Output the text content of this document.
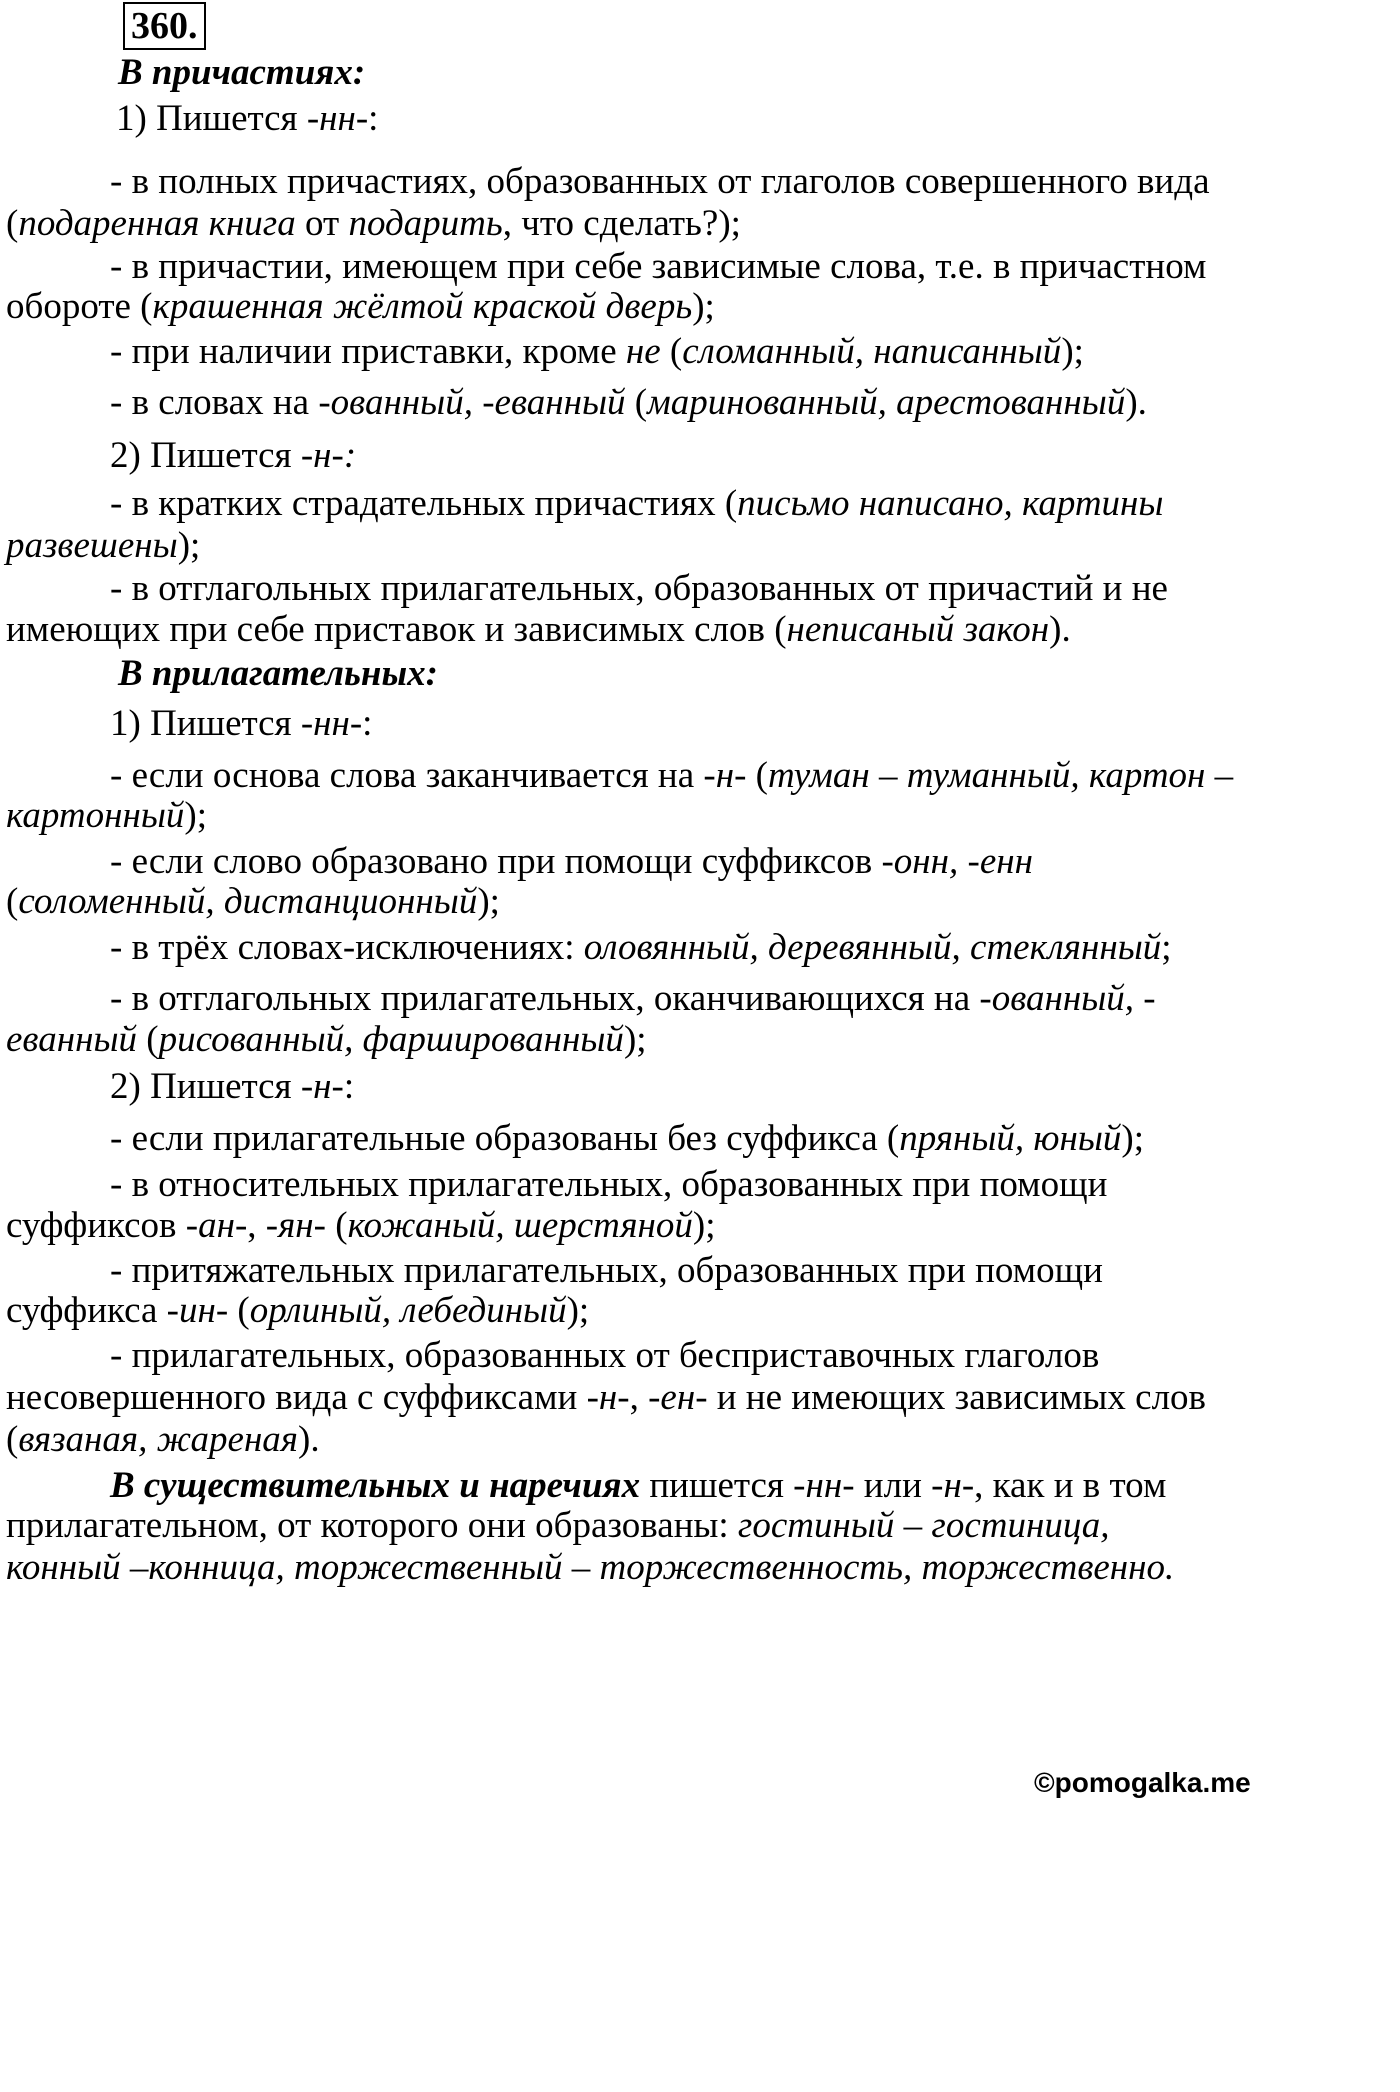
360.
В причастиях:
1) Пишется -нн-:
- в полных причастиях, образованных от глаголов совершенного вида
(подаренная книга от подарить, что сделать?);
- в причастии, имеющем при себе зависимые слова, т.е. в причастном
обороте (крашенная жёлтой краской дверь);
- при наличии приставки, кроме не (сломанный, написанный);
- в словах на -ованный, -еванный (маринованный, арестованный).
2) Пишется -н-:
- в кратких страдательных причастиях (письмо написано, картины
развешены);
- в отглагольных прилагательных, образованных от причастий и не
имеющих при себе приставок и зависимых слов (неписаный закон).
В прилагательных:
1) Пишется -нн-:
- если основа слова заканчивается на -н- (туман – туманный, картон –
картонный);
- если слово образовано при помощи суффиксов -онн, -енн
(соломенный, дистанционный);
- в трёх словах-исключениях: оловянный, деревянный, стеклянный;
- в отглагольных прилагательных, оканчивающихся на -ованный, -
еванный (рисованный, фаршированный);
2) Пишется -н-:
- если прилагательные образованы без суффикса (пряный, юный);
- в относительных прилагательных, образованных при помощи
суффиксов -ан-, -ян- (кожаный, шерстяной);
- притяжательных прилагательных, образованных при помощи
суффикса -ин- (орлиный, лебединый);
- прилагательных, образованных от бесприставочных глаголов
несовершенного вида с суффиксами -н-, -ен- и не имеющих зависимых слов
(вязаная, жареная).
В существительных и наречиях пишется -нн- или -н-, как и в том
прилагательном, от которого они образованы: гостиный – гостиница,
конный –конница, торжественный – торжественность, торжественно.
©pomogalka.me
